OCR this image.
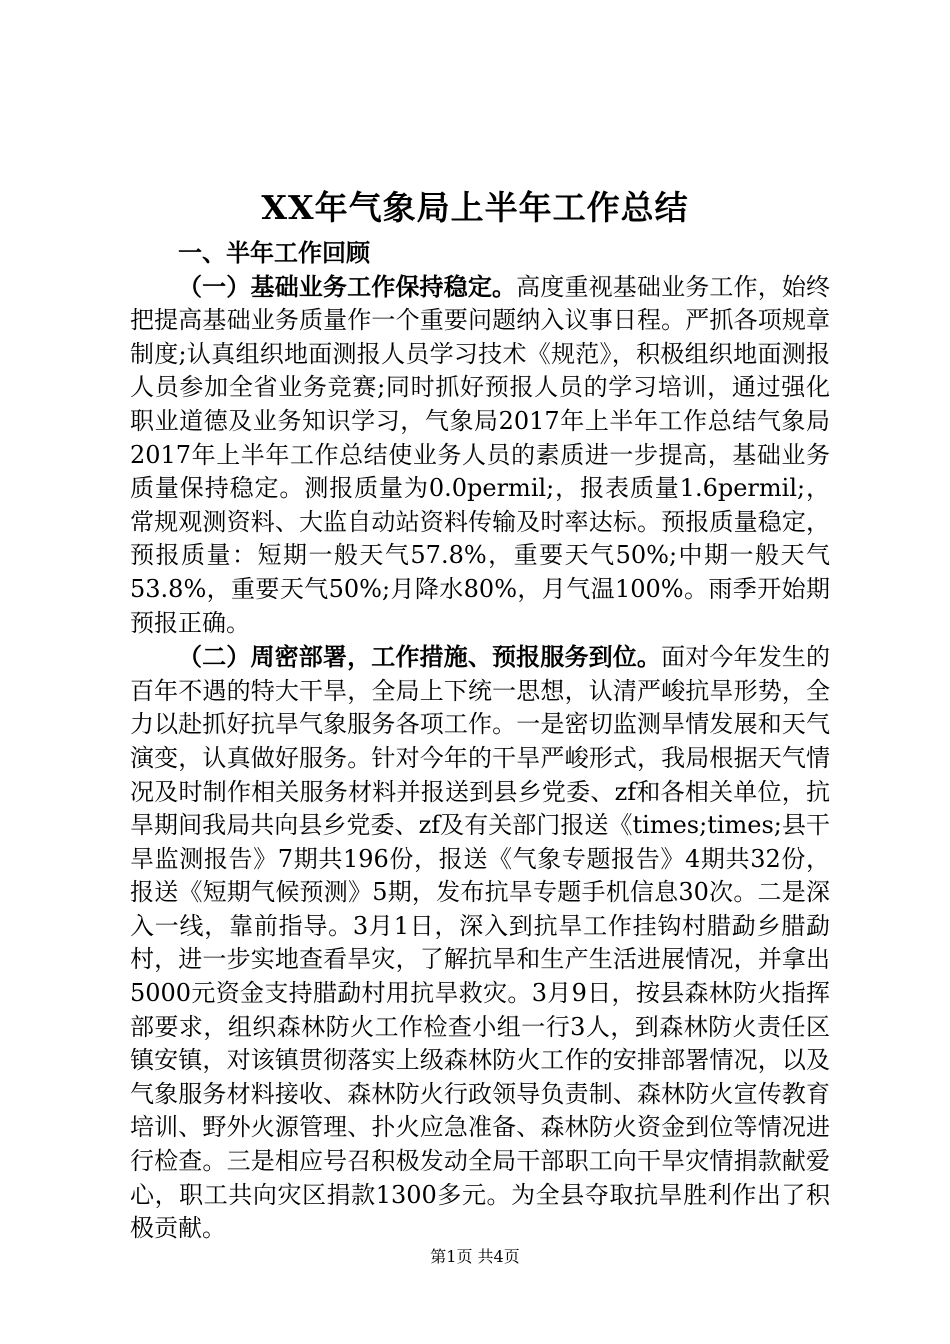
XX年气象局上半年工作总结

一、半年工作回顾

（一）基础业务工作保持稳定。高度重视基础业务工作，始终把提高基础业务质量作一个重要问题纳入议事日程。严抓各项规章制度;认真组织地面测报人员学习技术《规范》，积极组织地面测报人员参加全省业务竞赛;同时抓好预报人员的学习培训，通过强化职业道德及业务知识学习，气象局2017年上半年工作总结气象局2017年上半年工作总结使业务人员的素质进一步提高，基础业务质量保持稳定。测报质量为0.0permil;，报表质量1.6permil;，常规观测资料、大监自动站资料传输及时率达标。预报质量稳定，预报质量：短期一般天气57.8%，重要天气50%;中期一般天气53.8%，重要天气50%;月降水80%，月气温100%。雨季开始期预报正确。

（二）周密部署，工作措施、预报服务到位。面对今年发生的百年不遇的特大干旱，全局上下统一思想，认清严峻抗旱形势，全力以赴抓好抗旱气象服务各项工作。一是密切监测旱情发展和天气演变，认真做好服务。针对今年的干旱严峻形式，我局根据天气情况及时制作相关服务材料并报送到县乡党委、zf和各相关单位，抗旱期间我局共向县乡党委、zf及有关部门报送《times;times;县干旱监测报告》7期共196份，报送《气象专题报告》4期共32份，报送《短期气候预测》5期，发布抗旱专题手机信息30次。二是深入一线，靠前指导。3月1日，深入到抗旱工作挂钩村腊勐乡腊勐村，进一步实地查看旱灾，了解抗旱和生产生活进展情况，并拿出5000元资金支持腊勐村用抗旱救灾。3月9日，按县森林防火指挥部要求，组织森林防火工作检查小组一行3人，到森林防火责任区镇安镇，对该镇贯彻落实上级森林防火工作的安排部署情况，以及气象服务材料接收、森林防火行政领导负责制、森林防火宣传教育培训、野外火源管理、扑火应急准备、森林防火资金到位等情况进行检查。三是相应号召积极发动全局干部职工向干旱灾情捐款献爱心，职工共向灾区捐款1300多元。为全县夺取抗旱胜利作出了积极贡献。

第1页 共4页
